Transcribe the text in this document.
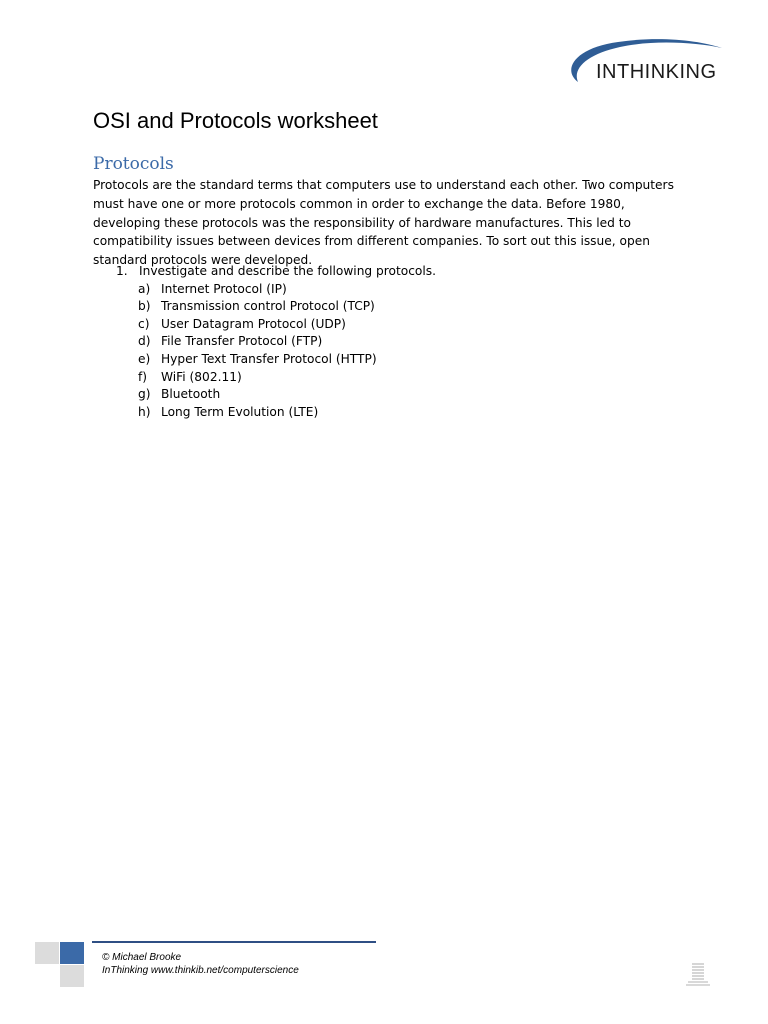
INTHINKING
OSI and Protocols worksheet
Protocols
Protocols are the standard terms that computers use to understand each other. Two computers must have one or more protocols common in order to exchange the data. Before 1980, developing these protocols was the responsibility of hardware manufactures. This led to compatibility issues between devices from different companies. To sort out this issue, open standard protocols were developed.
1. Investigate and describe the following protocols.
a) Internet Protocol (IP)
b) Transmission control Protocol (TCP)
c) User Datagram Protocol (UDP)
d) File Transfer Protocol (FTP)
e) Hyper Text Transfer Protocol (HTTP)
f) WiFi (802.11)
g) Bluetooth
h) Long Term Evolution (LTE)
© Michael Brooke
InThinking www.thinkib.net/computerscience
